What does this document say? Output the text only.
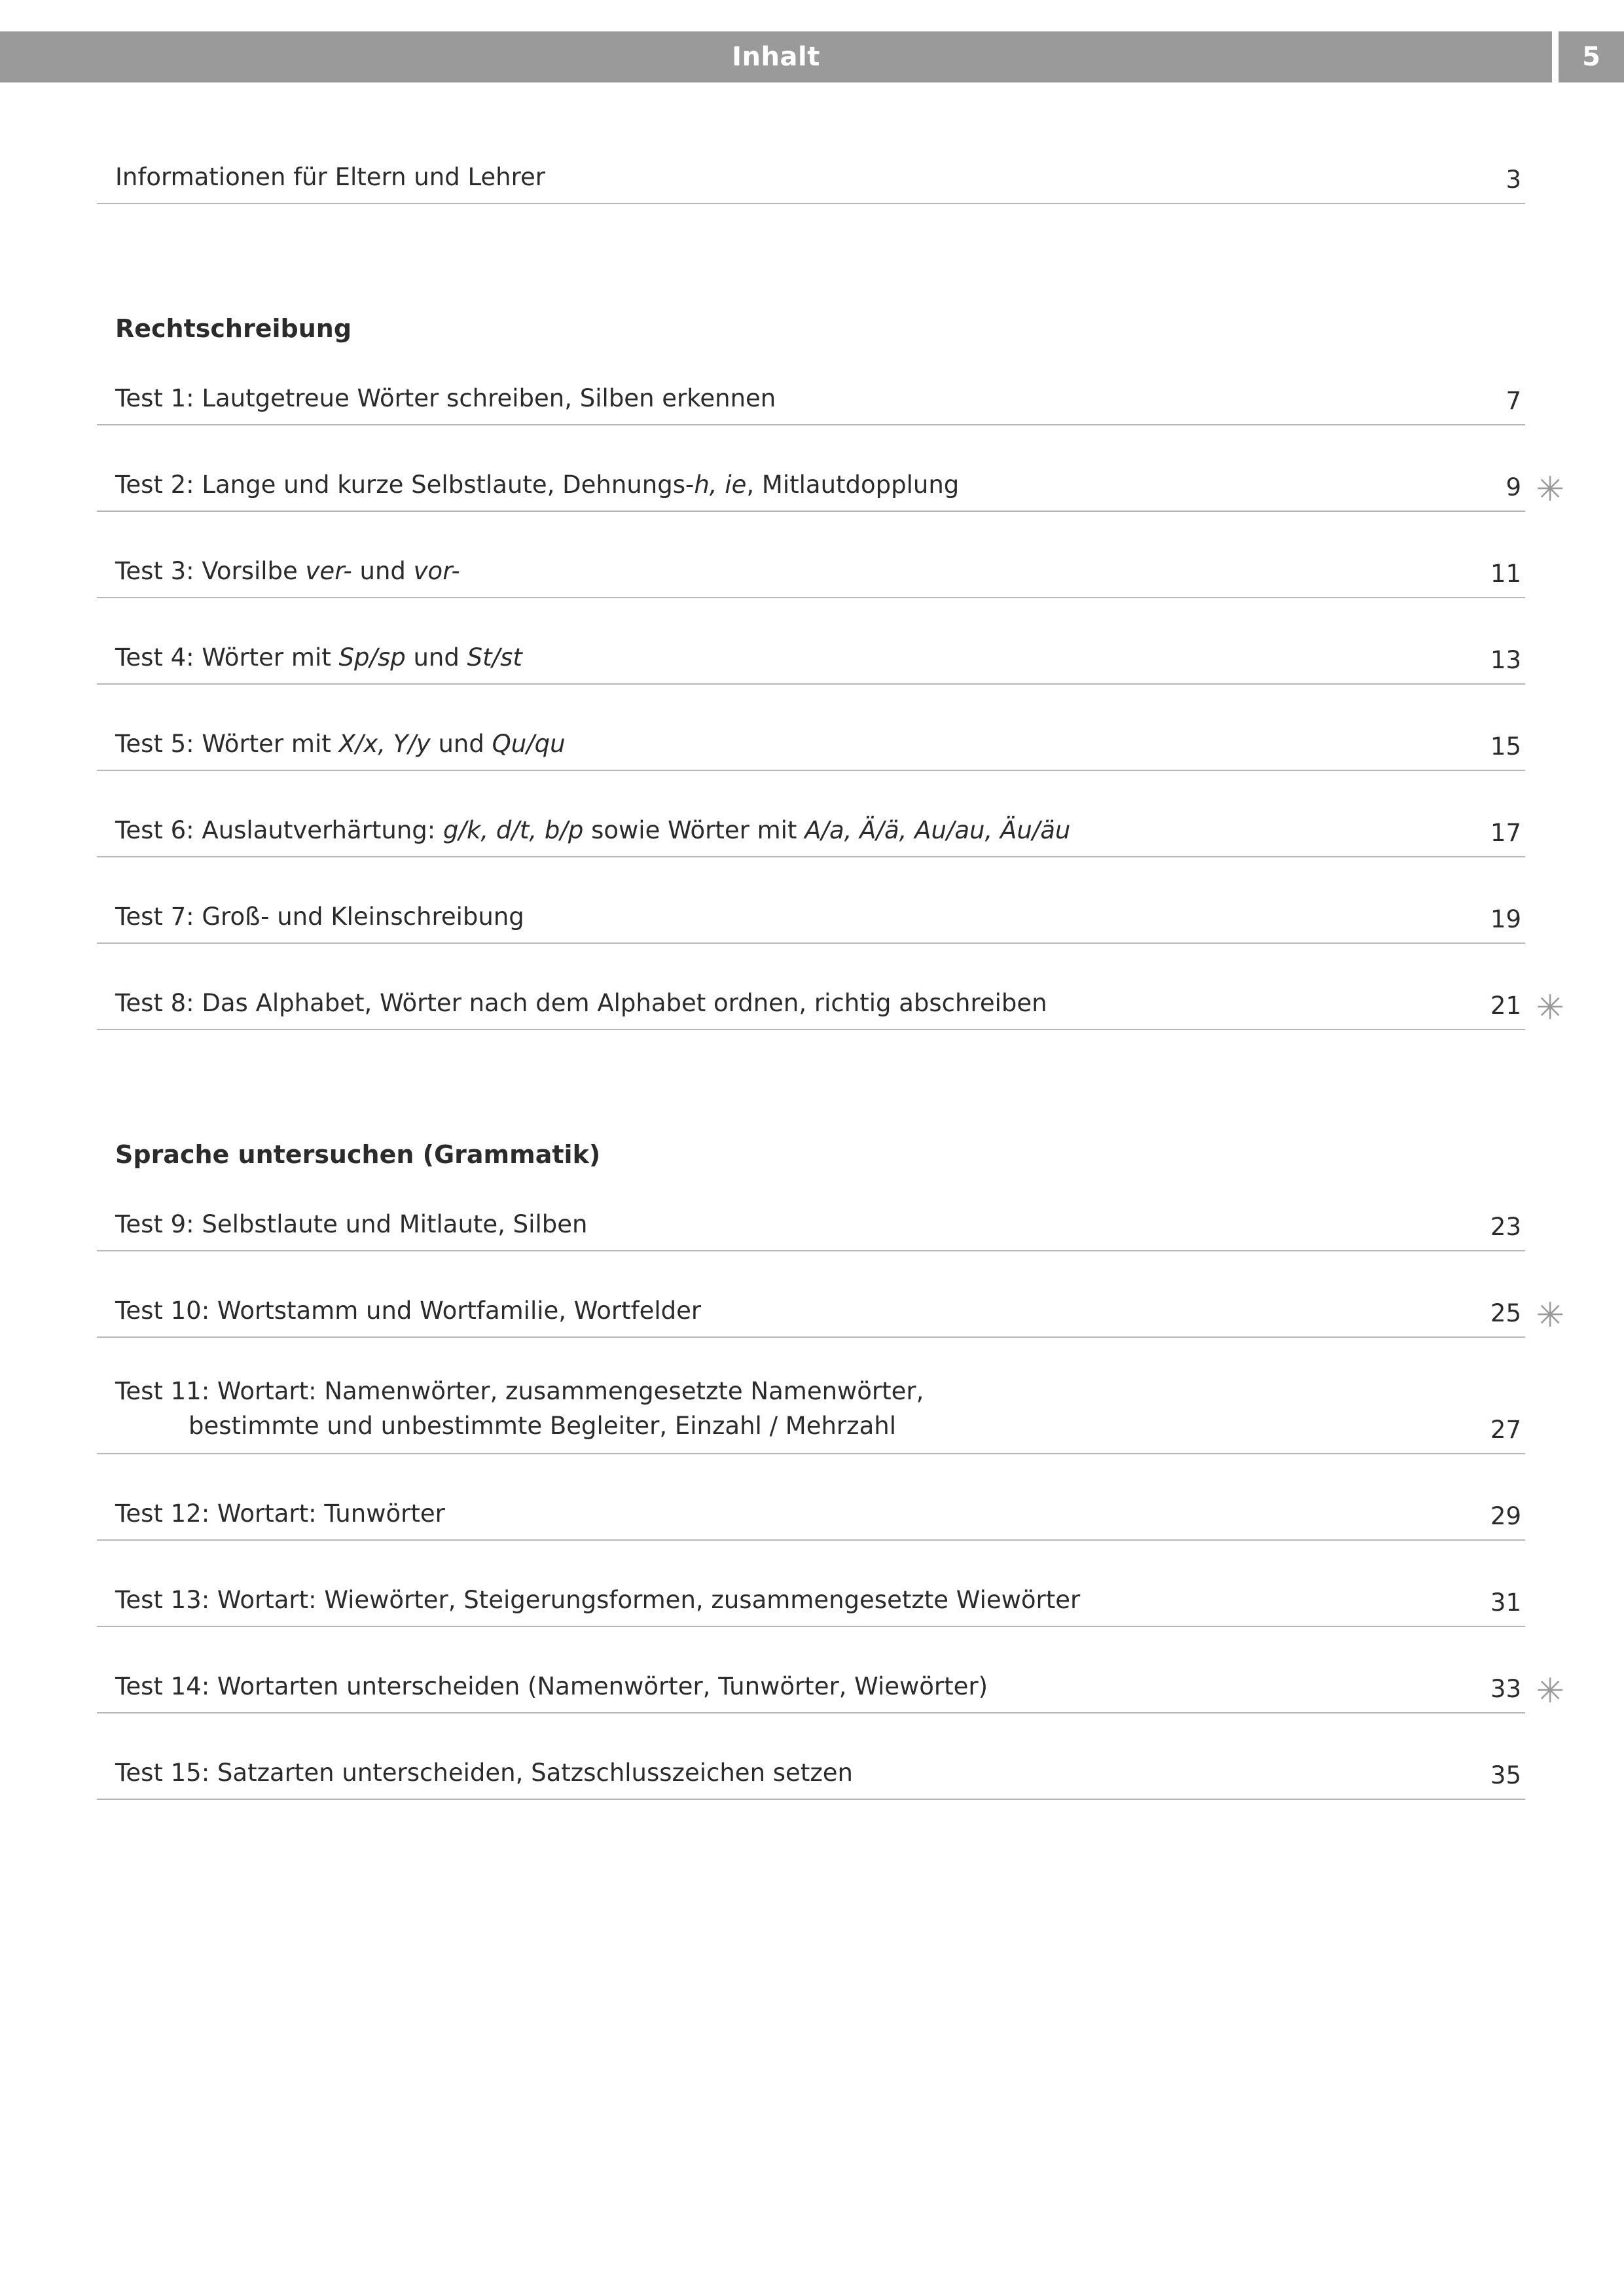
Inhalt	5
Informationen für Eltern und Lehrer	3
Rechtschreibung
Test 1: Lautgetreue Wörter schreiben, Silben erkennen	7
Test 2: Lange und kurze Selbstlaute, Dehnungs-h, ie, Mitlautdopplung	9 ✳
Test 3: Vorsilbe ver- und vor-	11
Test 4: Wörter mit Sp/sp und St/st	13
Test 5: Wörter mit X/x, Y/y und Qu/qu	15
Test 6: Auslautverhärtung: g/k, d/t, b/p sowie Wörter mit A/a, Ä/ä, Au/au, Äu/äu	17
Test 7: Groß- und Kleinschreibung	19
Test 8: Das Alphabet, Wörter nach dem Alphabet ordnen, richtig abschreiben	21 ✳
Sprache untersuchen (Grammatik)
Test 9: Selbstlaute und Mitlaute, Silben	23
Test 10: Wortstamm und Wortfamilie, Wortfelder	25 ✳
Test 11: Wortart: Namenwörter, zusammengesetzte Namenwörter,
bestimmte und unbestimmte Begleiter, Einzahl / Mehrzahl	27
Test 12: Wortart: Tunwörter	29
Test 13: Wortart: Wiewörter, Steigerungsformen, zusammengesetzte Wiewörter	31
Test 14: Wortarten unterscheiden (Namenwörter, Tunwörter, Wiewörter)	33 ✳
Test 15: Satzarten unterscheiden, Satzschlusszeichen setzen	35
